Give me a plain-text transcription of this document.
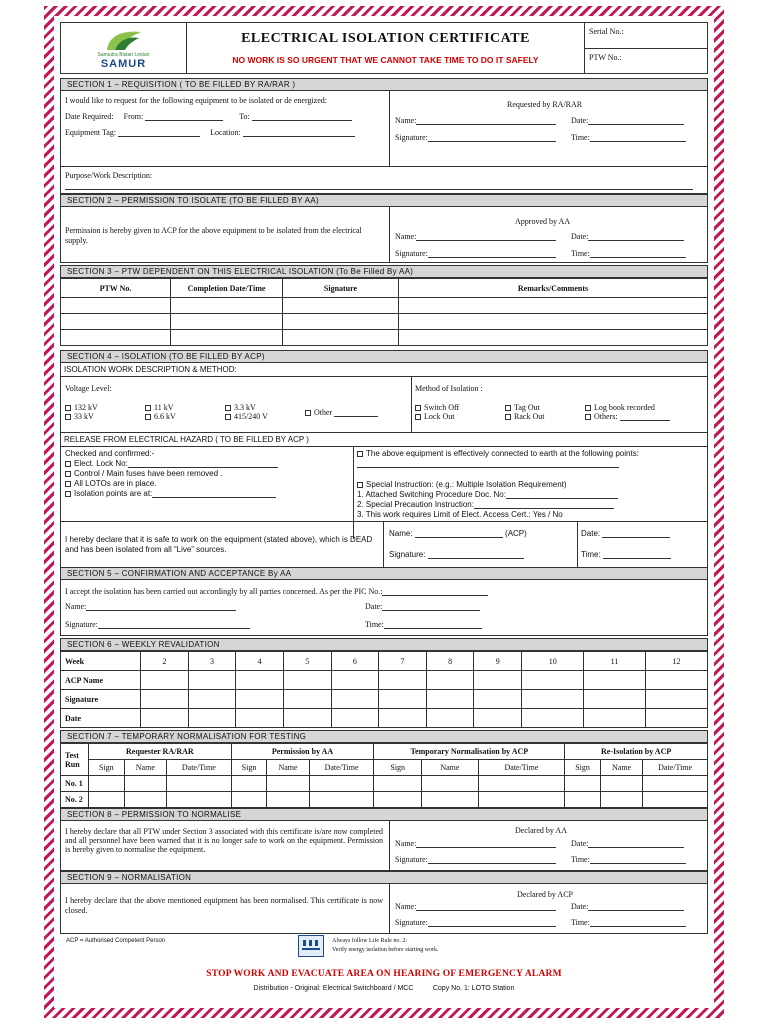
Samudra Bistari Lestari
SAMUR
ELECTRICAL ISOLATION CERTIFICATE
NO WORK IS SO URGENT THAT WE CANNOT TAKE TIME TO DO IT SAFELY
Serial No.:
PTW No.:
SECTION 1 – REQUISITION ( TO BE FILLED BY RA/RAR )
I would like to request for the following equipment to be isolated or de energized:
Date Required: From:	To:
Equipment Tag:	Location:
Requested by RA/RAR
Name:	Date:
Signature:	Time:
Purpose/Work Description:
SECTION 2 – PERMISSION TO ISOLATE (TO BE FILLED BY AA)
Permission is hereby given to ACP for the above equipment to be isolated from the electrical supply.
Approved by AA
Name:	Date:
Signature:	Time:
SECTION 3 – PTW DEPENDENT ON THIS ELECTRICAL ISOLATION (To Be Filled By AA)
PTW No.	Completion Date/Time	Signature	Remarks/Comments

SECTION 4 – ISOLATION (TO BE FILLED BY ACP)
ISOLATION WORK DESCRIPTION & METHOD:
Voltage Level:
132 kV
33 kV
11 kV
6.6 kV
3.3 kV
415/240 V	Other
Method of Isolation :
Switch Off
Lock Out
Tag Out
Rack Out
Log book recorded
Others:
RELEASE FROM ELECTRICAL HAZARD ( TO BE FILLED BY ACP )
Checked and confirmed:-
Elect. Lock No:
Control / Main fuses have been removed .
All LOTOs are in place.
Isolation points are at:
The above equipment is effectively connected to earth at the following points:
Special Instruction: (e.g.: Multiple Isolation Requirement)
1. Attached Switching Procedure Doc. No:
2. Special Precaution Instruction:
3. This work requires Limit of Elect. Access Cert.: Yes / No
I hereby declare that it is safe to work on the equipment (stated above), which is DEAD and has been isolated from all “Live” sources.
Name:	(ACP)	Date:
Signature:	Time:
SECTION 5 – CONFIRMATION AND ACCEPTANCE By AA
I accept the isolation has been carried out accordingly by all parties concerned. As per the PIC No.:
Name:	Date:
Signature:	Time:
SECTION 6 – WEEKLY REVALIDATION
Week	2	3	4	5	6	7	8	9	10	11	12
ACP Name											
Signature											
Date											
SECTION 7 – TEMPORARY NORMALISATION FOR TESTING
Test Run	Requester RA/RAR			Permission by AA			Temporary Normalisation by ACP			Re-Isolation by ACP		
	Sign	Name	Date/Time	Sign	Name	Date/Time	Sign	Name	Date/Time	Sign	Name	Date/Time
No. 1												
No. 2												
SECTION 8 – PERMISSION TO NORMALISE
I hereby declare that all PTW under Section 3 associated with this certificate is/are now completed and all personnel have been warned that it is no longer safe to work on the equipment. Permission is hereby given to normalise the equipment.
Declared by AA
Name:	Date:
Signature:	Time:
SECTION 9 – NORMALISATION
I hereby declare that the above mentioned equipment has been normalised. This certificate is now closed.
Declared by ACP
Name:	Date:
Signature:	Time:
ACP = Authorised Competent Person	Always follow Life Rule no. 2:
Verify energy isolation before starting work.
STOP WORK AND EVACUATE AREA ON HEARING OF EMERGENCY ALARM
Distribution - Original: Electrical Switchboard / MCC          Copy No. 1: LOTO Station
